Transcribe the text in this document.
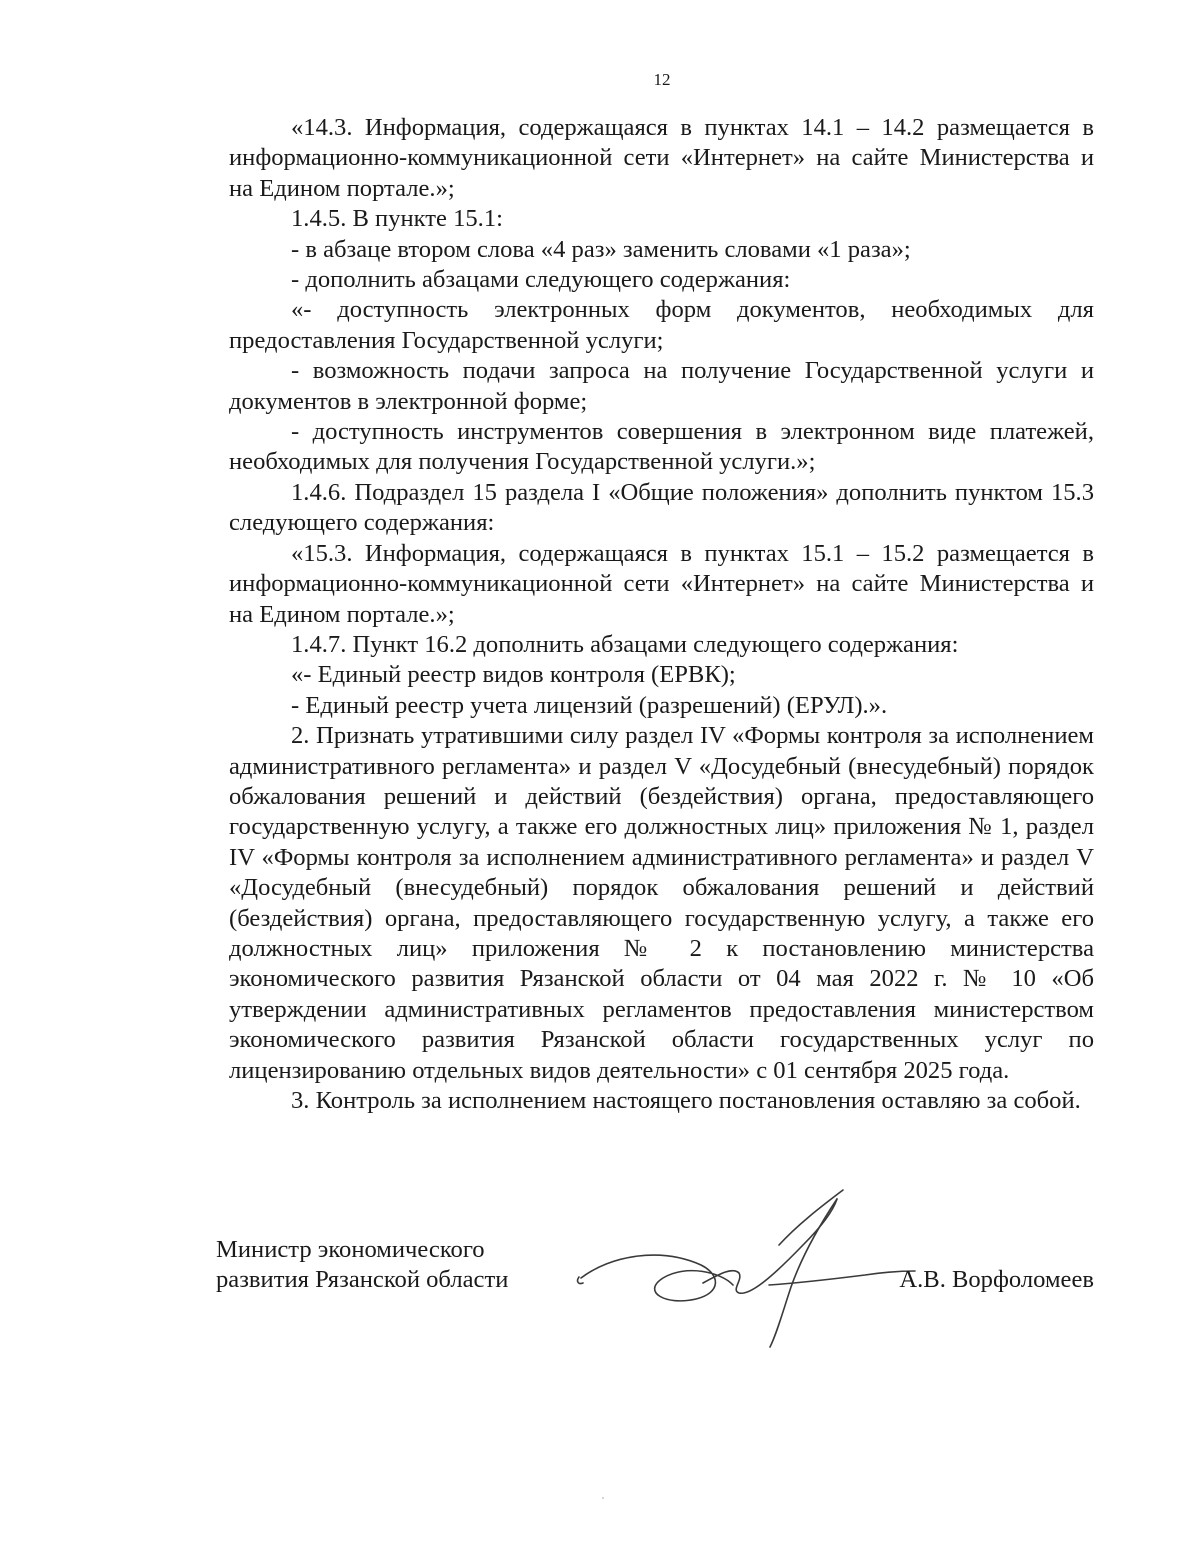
12

«14.3. Информация, содержащаяся в пунктах 14.1 – 14.2 размещается в информационно-коммуникационной сети «Интернет» на сайте Министерства и на Едином портале.»;

1.4.5. В пункте 15.1:

- в абзаце втором слова «4 раз» заменить словами «1 раза»;

- дополнить абзацами следующего содержания:

«- доступность электронных форм документов, необходимых для предоставления Государственной услуги;

- возможность подачи запроса на получение Государственной услуги и документов в электронной форме;

- доступность инструментов совершения в электронном виде платежей, необходимых для получения Государственной услуги.»;

1.4.6. Подраздел 15 раздела I «Общие положения» дополнить пунктом 15.3 следующего содержания:

«15.3. Информация, содержащаяся в пунктах 15.1 – 15.2 размещается в информационно-коммуникационной сети «Интернет» на сайте Министерства и на Едином портале.»;

1.4.7. Пункт 16.2 дополнить абзацами следующего содержания:

«- Единый реестр видов контроля (ЕРВК);

- Единый реестр учета лицензий (разрешений) (ЕРУЛ).».

2. Признать утратившими силу раздел IV «Формы контроля за исполнением административного регламента» и раздел V «Досудебный (внесудебный) порядок обжалования решений и действий (бездействия) органа, предоставляющего государственную услугу, а также его должностных лиц» приложения № 1, раздел IV «Формы контроля за исполнением административного регламента» и раздел V «Досудебный (внесудебный) порядок обжалования решений и действий (бездействия) органа, предоставляющего государственную услугу, а также его должностных лиц» приложения № 2 к постановлению министерства экономического развития Рязанской области от 04 мая 2022 г. № 10 «Об утверждении административных регламентов предоставления министерством экономического развития Рязанской области государственных услуг по лицензированию отдельных видов деятельности» с 01 сентября 2025 года.

3. Контроль за исполнением настоящего постановления оставляю за собой.

Министр экономического
развития Рязанской области	А.В. Ворфоломеев
